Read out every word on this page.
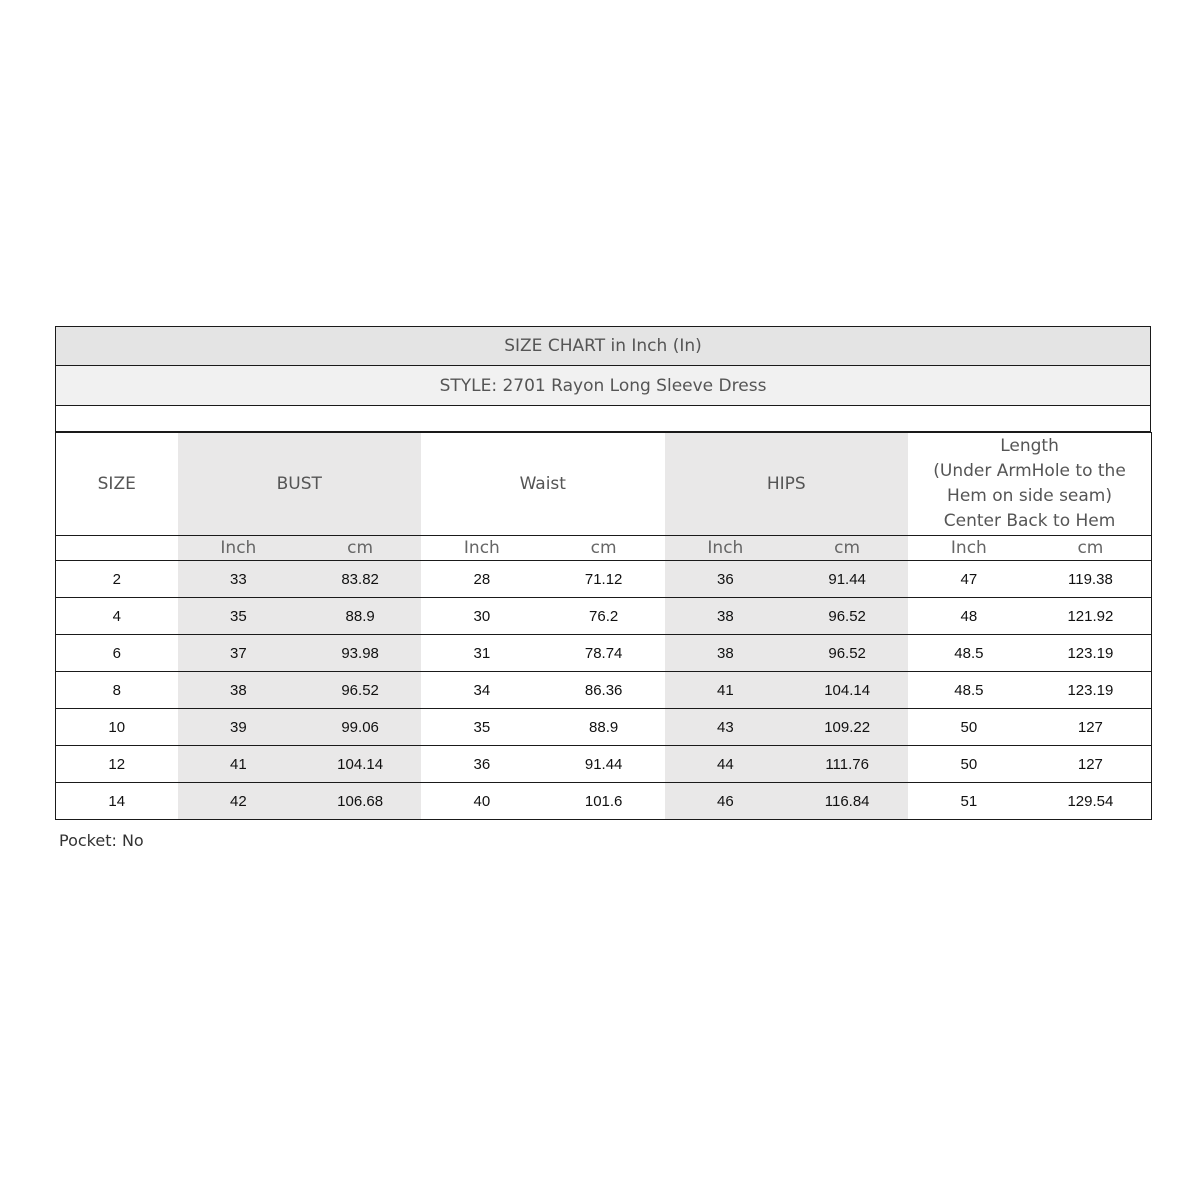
SIZE CHART in Inch (In)
STYLE: 2701 Rayon Long Sleeve Dress
SIZE	BUST		Waist		HIPS		Length
(Under ArmHole to the
Hem on side seam)
Center Back to Hem	

	Inch	cm	Inch	cm	Inch	cm	Inch	cm
2	33	83.82	28	71.12	36	91.44	47	119.38
4	35	88.9	30	76.2	38	96.52	48	121.92
6	37	93.98	31	78.74	38	96.52	48.5	123.19
8	38	96.52	34	86.36	41	104.14	48.5	123.19
10	39	99.06	35	88.9	43	109.22	50	127
12	41	104.14	36	91.44	44	111.76	50	127
14	42	106.68	40	101.6	46	116.84	51	129.54
Pocket: No
